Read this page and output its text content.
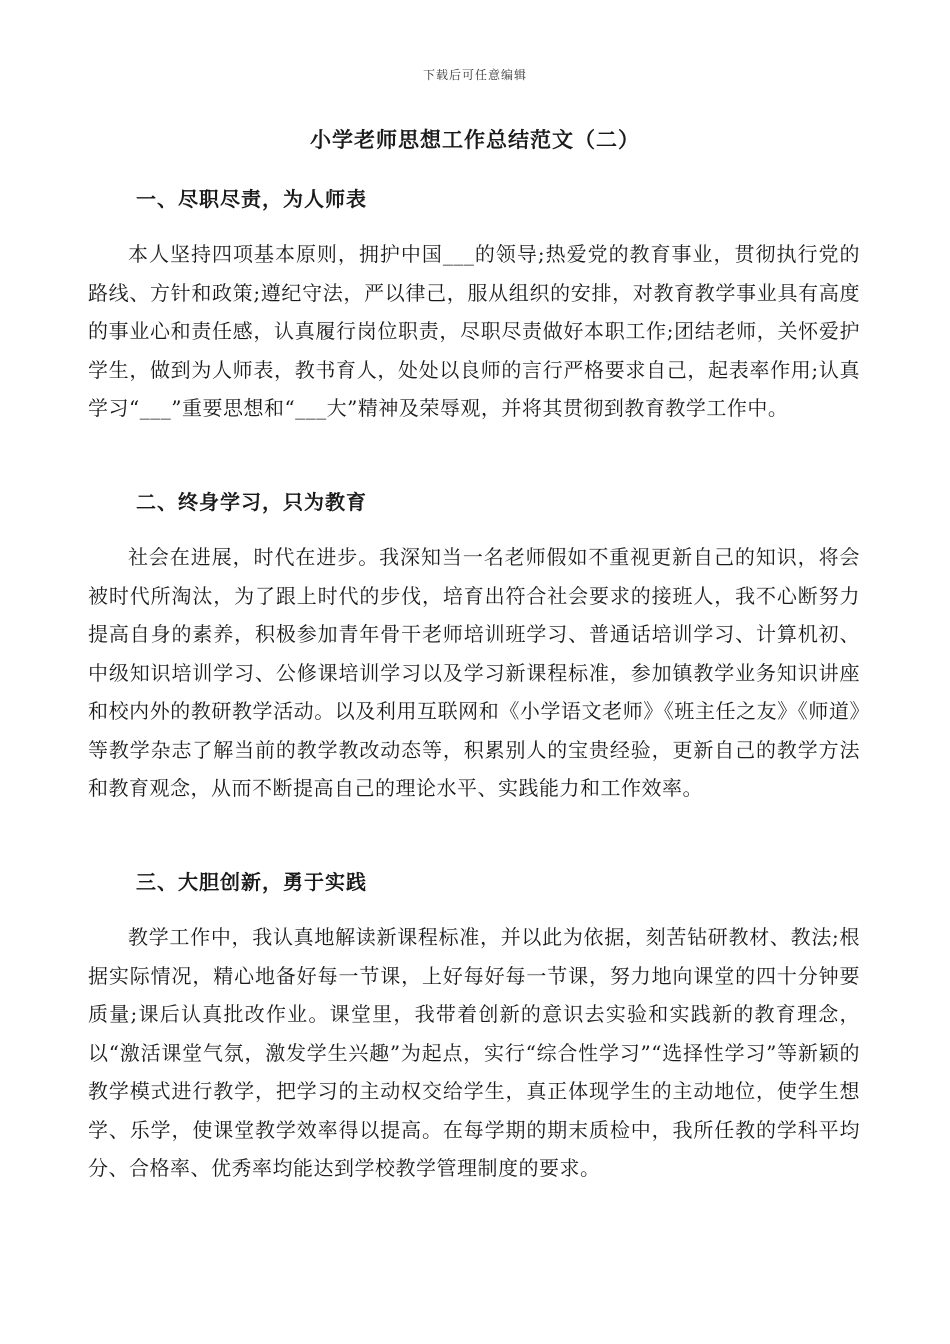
下载后可任意编辑
小学老师思想工作总结范文（二）
一、尽职尽责，为人师表

本人坚持四项基本原则，拥护中国___的领导;热爱党的教育事业，贯彻执行党的路线、方针和政策;遵纪守法，严以律己，服从组织的安排，对教育教学事业具有高度的事业心和责任感，认真履行岗位职责，尽职尽责做好本职工作;团结老师，关怀爱护学生，做到为人师表，教书育人，处处以良师的言行严格要求自己，起表率作用;认真学习“___”重要思想和“___大”精神及荣辱观，并将其贯彻到教育教学工作中。

二、终身学习，只为教育

社会在进展，时代在进步。我深知当一名老师假如不重视更新自己的知识，将会被时代所淘汰，为了跟上时代的步伐，培育出符合社会要求的接班人，我不心断努力提高自身的素养，积极参加青年骨干老师培训班学习、普通话培训学习、计算机初、中级知识培训学习、公修课培训学习以及学习新课程标准，参加镇教学业务知识讲座和校内外的教研教学活动。以及利用互联网和《小学语文老师》《班主任之友》《师道》等教学杂志了解当前的教学教改动态等，积累别人的宝贵经验，更新自己的教学方法和教育观念，从而不断提高自己的理论水平、实践能力和工作效率。

三、大胆创新，勇于实践

教学工作中，我认真地解读新课程标准，并以此为依据，刻苦钻研教材、教法;根据实际情况，精心地备好每一节课，上好每好每一节课，努力地向课堂的四十分钟要质量;课后认真批改作业。课堂里，我带着创新的意识去实验和实践新的教育理念，以“激活课堂气氛，激发学生兴趣”为起点，实行“综合性学习”“选择性学习”等新颖的教学模式进行教学，把学习的主动权交给学生，真正体现学生的主动地位，使学生想学、乐学，使课堂教学效率得以提高。在每学期的期末质检中，我所任教的学科平均分、合格率、优秀率均能达到学校教学管理制度的要求。
